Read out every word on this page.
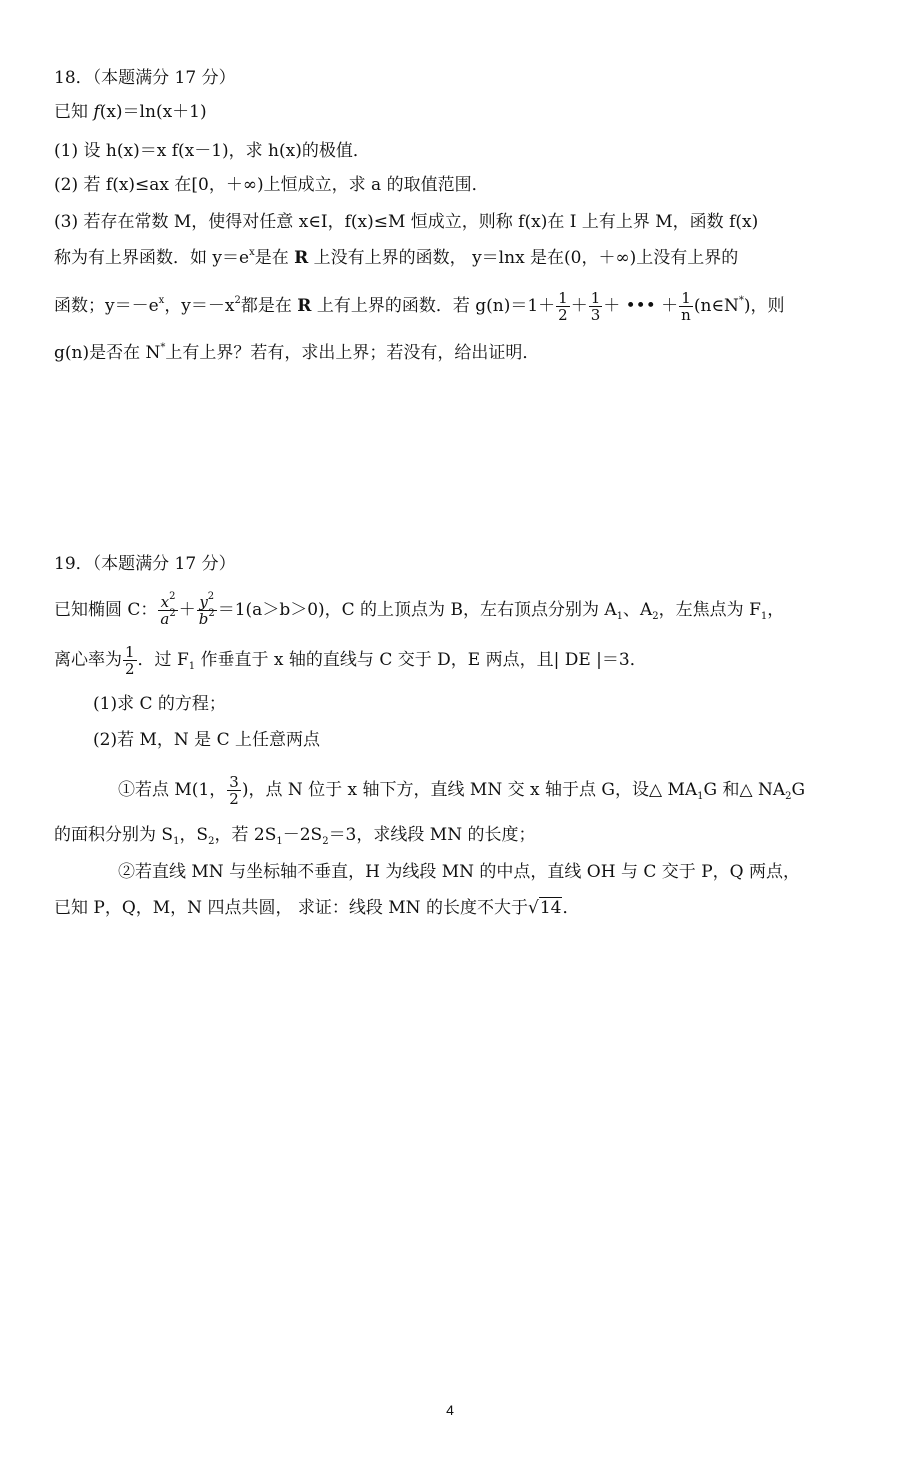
18．（本题满分 17 分）
已知 f(x)＝ln(x＋1)
(1) 设 h(x)＝x f(x－1)，求 h(x)的极值．
(2) 若 f(x)≤ax 在[0，＋∞)上恒成立，求 a 的取值范围．
(3) 若存在常数 M，使得对任意 x∈I，f(x)≤M 恒成立，则称 f(x)在 I 上有上界 M，函数 f(x)
称为有上界函数．如 $y=e^x$是在 R 上没有上界的函数， y＝lnx 是在(0，＋∞)上没有上界的
函数；$y=-e^x$，$y=-x^2$都是在 R 上有上界的函数．若 $g(n)=1+ \frac{1}{2} + \frac{1}{3}$ ＋ ••• ＋ $\frac{1}{n}$ (n∈N*)，则
g(n)是否在 N*上有上界？若有，求出上界；若没有，给出证明．
19．（本题满分 17 分）
已知椭圆 C： $\frac{x^2}{a^2} + \frac{y^2}{b^2} =1(a>b>0)$，C 的上顶点为 B，左右顶点分别为 $A_1$、$A_2$，左焦点为 $F_1$，
离心率为 $\frac{1}{2}$ ．过 $F_1$ 作垂直于 x 轴的直线与 C 交于 D，E 两点，且| DE |＝3．
(1)求 C 的方程；
(2)若 M，N 是 C 上任意两点
①若点 M(1， $\frac{3}{2}$ )，点 N 位于 x 轴下方，直线 MN 交 x 轴于点 G，设△ $MA_1G$ 和△ $NA_2G$
的面积分别为 $S_1$，$S_2$，若 $2S_1-2S_2=3$，求线段 MN 的长度；
②若直线 MN 与坐标轴不垂直，H 为线段 MN 的中点，直线 OH 与 C 交于 P，Q 两点，
已知 P，Q，M，N 四点共圆， 求证：线段 MN 的长度不大于√14．
4
